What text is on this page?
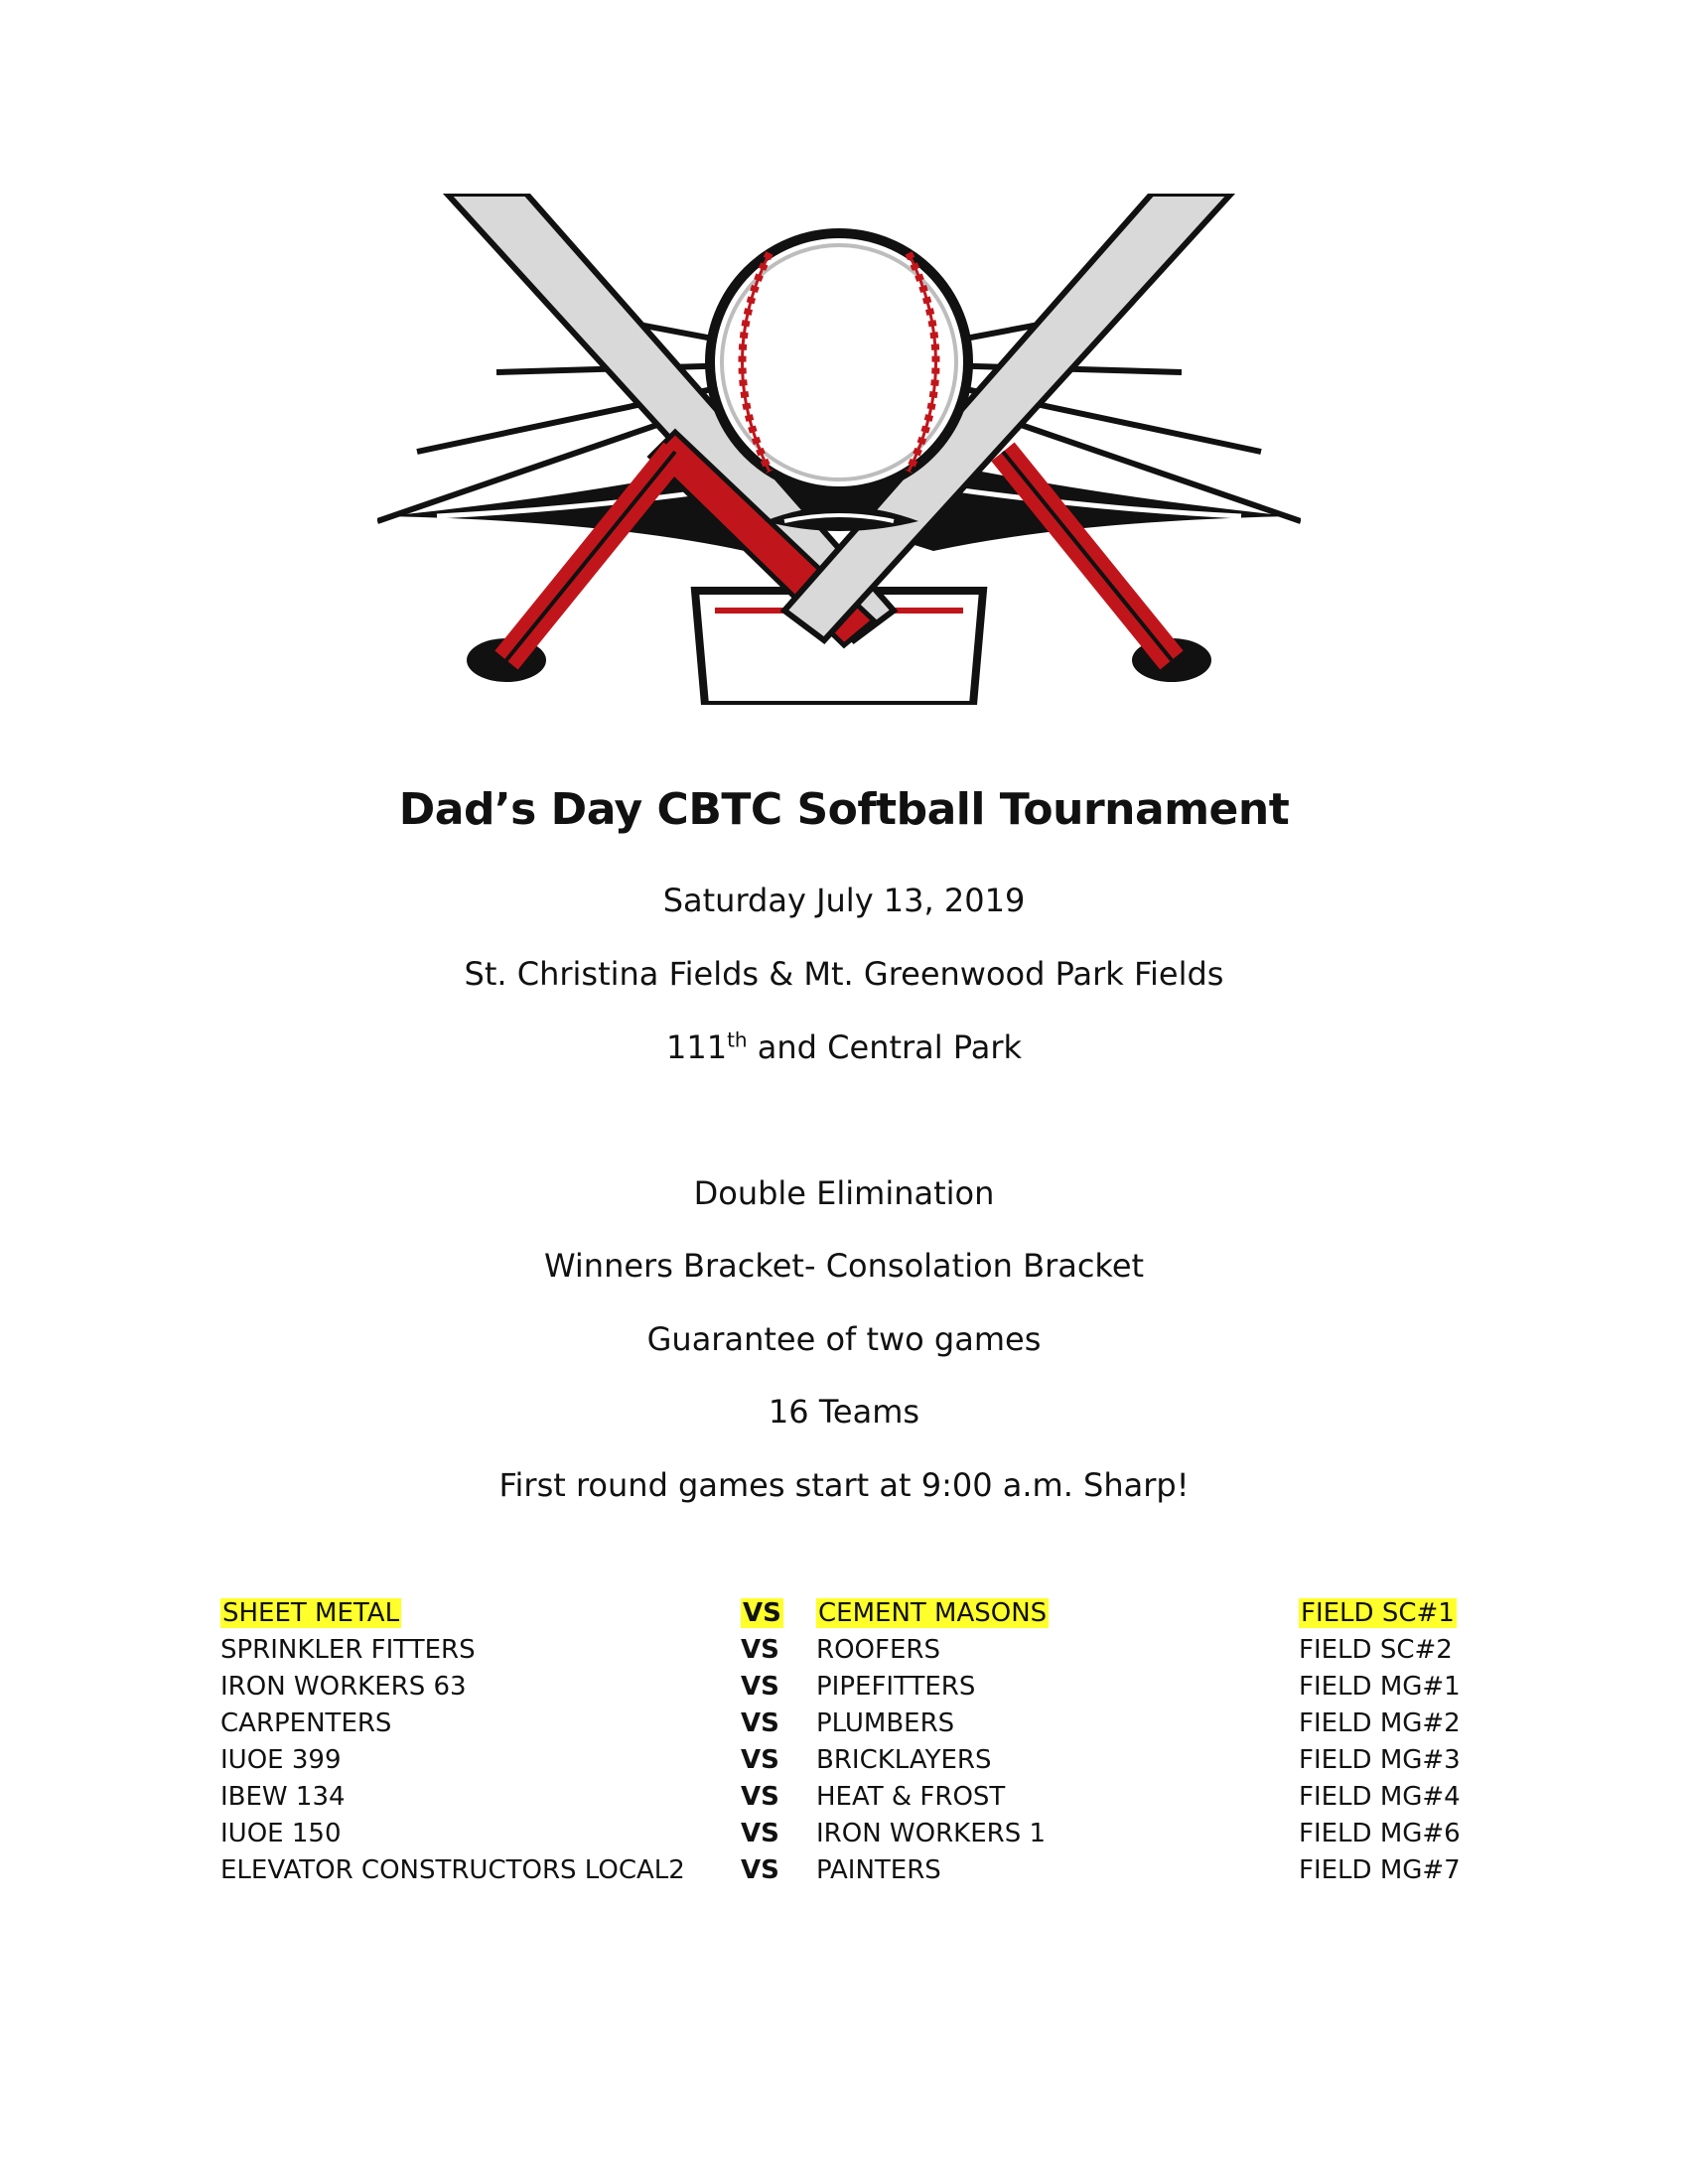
Dad’s Day CBTC Softball Tournament
Saturday July 13, 2019
St. Christina Fields & Mt. Greenwood Park Fields
111th and Central Park
Double Elimination
Winners Bracket- Consolation Bracket
Guarantee of two games
16 Teams
First round games start at 9:00 a.m. Sharp!
SHEET METAL	VS CEMENT MASONS	FIELD SC#1
SPRINKLER FITTERS	VS ROOFERS	FIELD SC#2
IRON WORKERS 63	VS PIPEFITTERS	FIELD MG#1
CARPENTERS	VS PLUMBERS	FIELD MG#2
IUOE 399	VS BRICKLAYERS	FIELD MG#3
IBEW 134	VS HEAT & FROST	FIELD MG#4
IUOE 150	VS IRON WORKERS 1	FIELD MG#6
ELEVATOR CONSTRUCTORS LOCAL2 VS PAINTERS	FIELD MG#7
